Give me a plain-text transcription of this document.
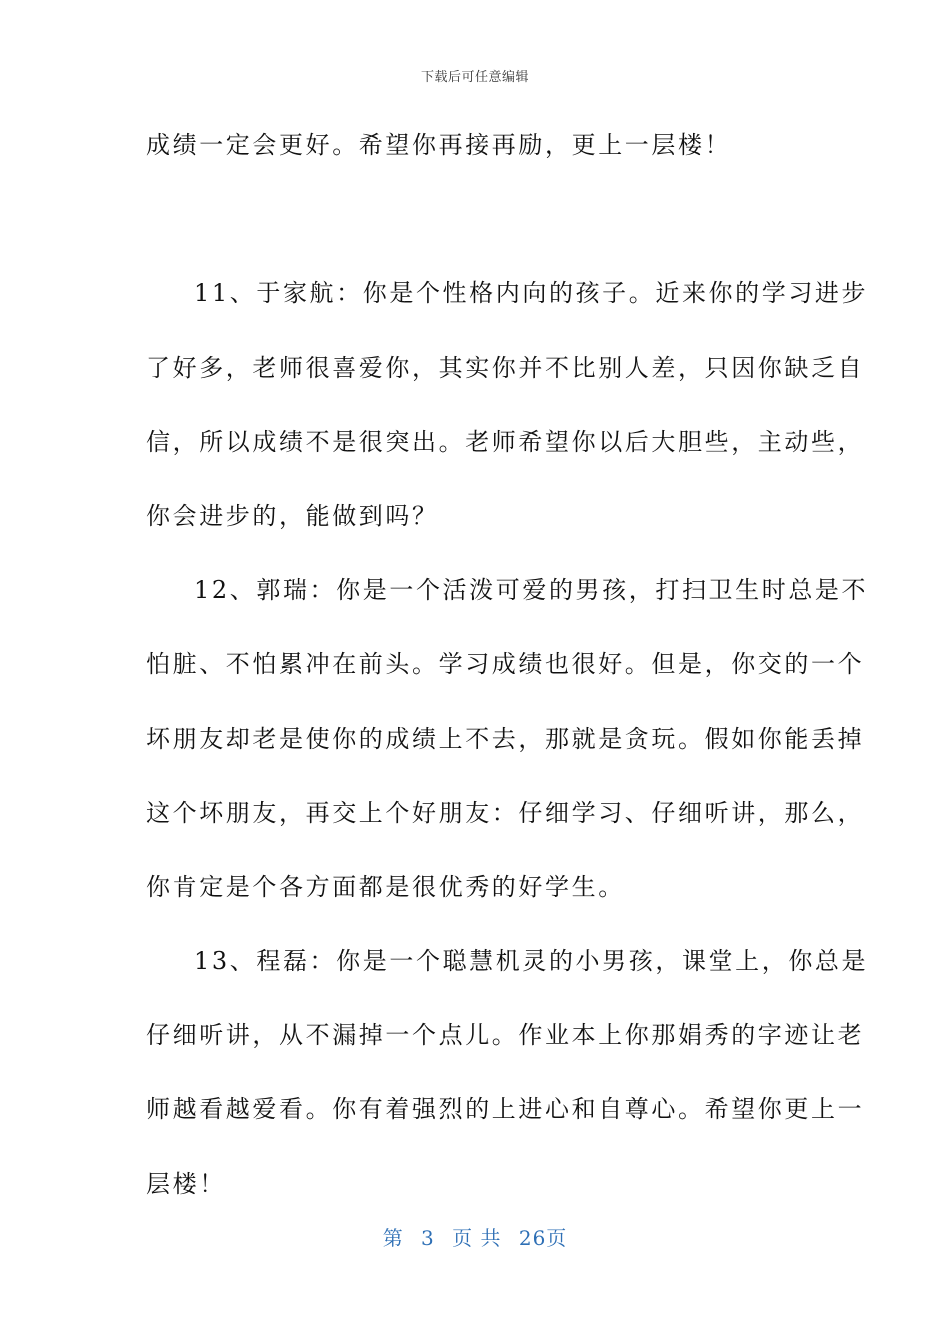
下载后可任意编辑
成绩一定会更好。希望你再接再励，更上一层楼！
11、于家航：你是个性格内向的孩子。近来你的学习进步
了好多，老师很喜爱你，其实你并不比别人差，只因你缺乏自
信，所以成绩不是很突出。老师希望你以后大胆些，主动些，
你会进步的，能做到吗？
12、郭瑞：你是一个活泼可爱的男孩，打扫卫生时总是不
怕脏、不怕累冲在前头。学习成绩也很好。但是，你交的一个
坏朋友却老是使你的成绩上不去，那就是贪玩。假如你能丢掉
这个坏朋友，再交上个好朋友：仔细学习、仔细听讲，那么，
你肯定是个各方面都是很优秀的好学生。
13、程磊：你是一个聪慧机灵的小男孩，课堂上，你总是
仔细听讲，从不漏掉一个点儿。作业本上你那娟秀的字迹让老
师越看越爱看。你有着强烈的上进心和自尊心。希望你更上一
层楼！
第 3 页 共 26页
